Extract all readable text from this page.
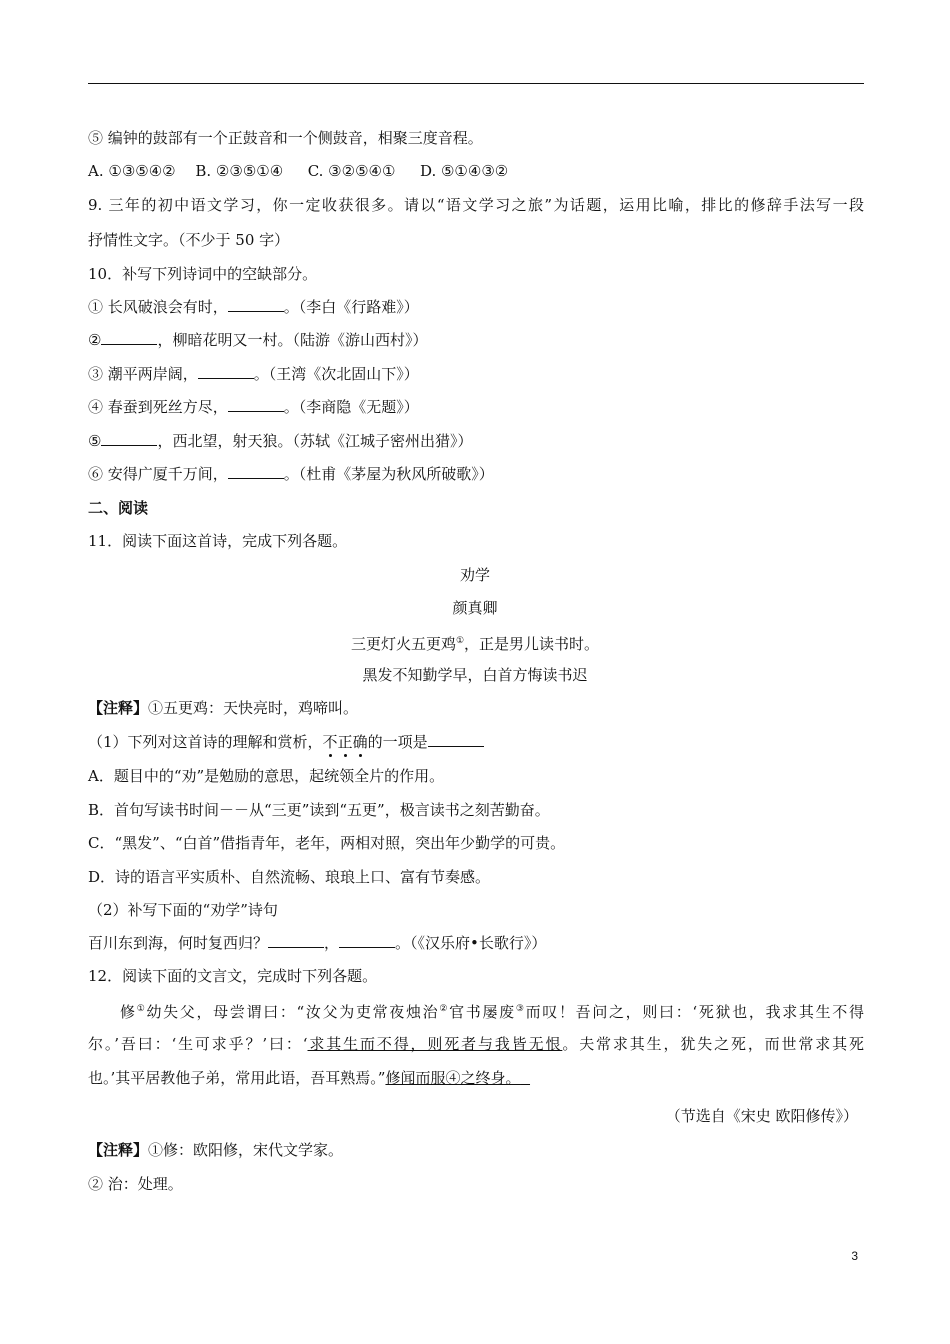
⑤ 编钟的鼓部有一个正鼓音和一个侧鼓音，相聚三度音程。
A. ①③⑤④②　 B. ②③⑤①④ 　 C. ③②⑤④① 　 D. ⑤①④③②
9. 三年的初中语文学习，你一定收获很多。请以“语文学习之旅”为话题，运用比喻，排比的修辞手法写一段
抒情性文字。（不少于 50 字）
10．补写下列诗词中的空缺部分。
① 长风破浪会有时，	。（李白《行路难》）
②	，柳暗花明又一村。（陆游《游山西村》）
③ 潮平两岸阔，	。（王湾《次北固山下》）
④ 春蚕到死丝方尽，	。（李商隐《无题》）
⑤	，西北望，射天狼。（苏轼《江城子密州出猎》）
⑥ 安得广厦千万间，	。（杜甫《茅屋为秋风所破歌》）
二、阅读
11．阅读下面这首诗，完成下列各题。
劝学
颜真卿
三更灯火五更鸡①，正是男儿读书时。
黑发不知勤学早，白首方悔读书迟
【注释】①五更鸡：天快亮时，鸡啼叫。
（1）下列对这首诗的理解和赏析，不正确的一项是
A．题目中的“劝”是勉励的意思，起统领全片的作用。
B．首句写读书时间－－从“三更”读到“五更”，极言读书之刻苦勤奋。
C．“黑发”、“白首”借指青年，老年，两相对照，突出年少勤学的可贵。
D．诗的语言平实质朴、自然流畅、琅琅上口、富有节奏感。
（2）补写下面的“劝学”诗句
百川东到海，何时复西归？	，	。（《汉乐府•长歌行》）
12．阅读下面的文言文，完成时下列各题。
修①幼失父，母尝谓曰：“汝父为吏常夜烛治②官书屡废③而叹！吾问之，则曰：‘死狱也，我求其生不得
尔。’吾曰：‘生可求乎？’曰：‘求其生而不得，则死者与我皆无恨。夫常求其生，犹失之死，而世常求其死
也。’其平居教他子弟，常用此语，吾耳熟焉。”修闻而服④之终身。
（节选自《宋史 欧阳修传》）
【注释】①修：欧阳修，宋代文学家。
② 治：处理。
3
